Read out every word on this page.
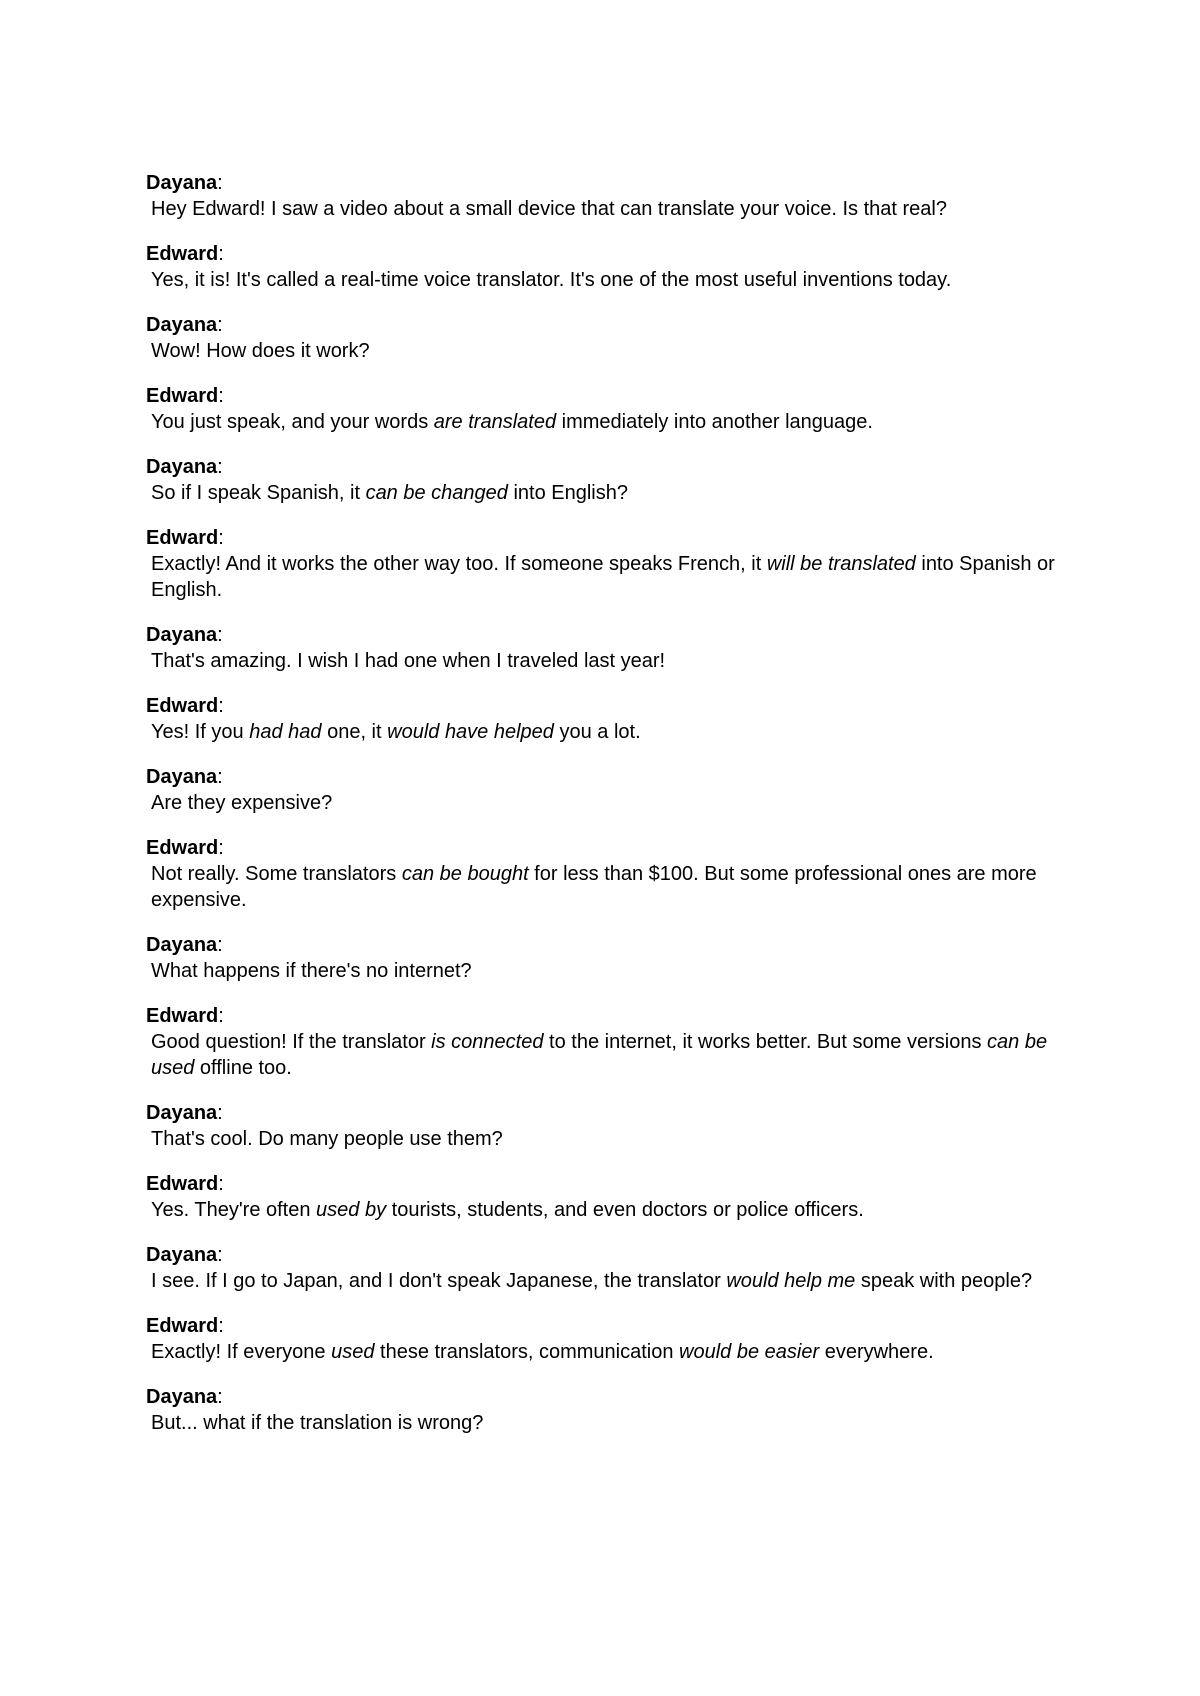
Dayana:
Hey Edward! I saw a video about a small device that can translate your voice. Is that real?
Edward:
Yes, it is! It's called a real-time voice translator. It's one of the most useful inventions today.
Dayana:
Wow! How does it work?
Edward:
You just speak, and your words are translated immediately into another language.
Dayana:
So if I speak Spanish, it can be changed into English?
Edward:
Exactly! And it works the other way too. If someone speaks French, it will be translated into Spanish or English.
Dayana:
That's amazing. I wish I had one when I traveled last year!
Edward:
Yes! If you had had one, it would have helped you a lot.
Dayana:
Are they expensive?
Edward:
Not really. Some translators can be bought for less than $100. But some professional ones are more expensive.
Dayana:
What happens if there's no internet?
Edward:
Good question! If the translator is connected to the internet, it works better. But some versions can be used offline too.
Dayana:
That's cool. Do many people use them?
Edward:
Yes. They're often used by tourists, students, and even doctors or police officers.
Dayana:
I see. If I go to Japan, and I don't speak Japanese, the translator would help me speak with people?
Edward:
Exactly! If everyone used these translators, communication would be easier everywhere.
Dayana:
But... what if the translation is wrong?
